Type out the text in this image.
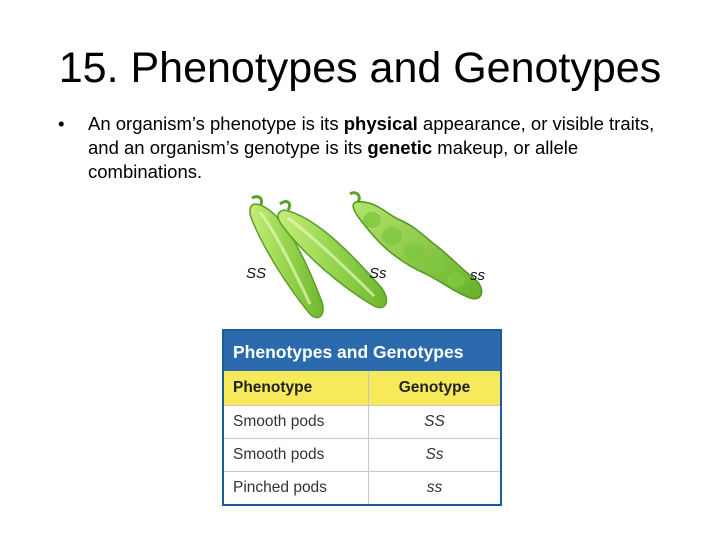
15. Phenotypes and Genotypes
• An organism’s phenotype is its physical appearance, or visible traits, and an organism’s genotype is its genetic makeup, or allele combinations.
SS	Ss	ss
Phenotypes and Genotypes
Phenotype	Genotype
Smooth pods	SS
Smooth pods	Ss
Pinched pods	ss
